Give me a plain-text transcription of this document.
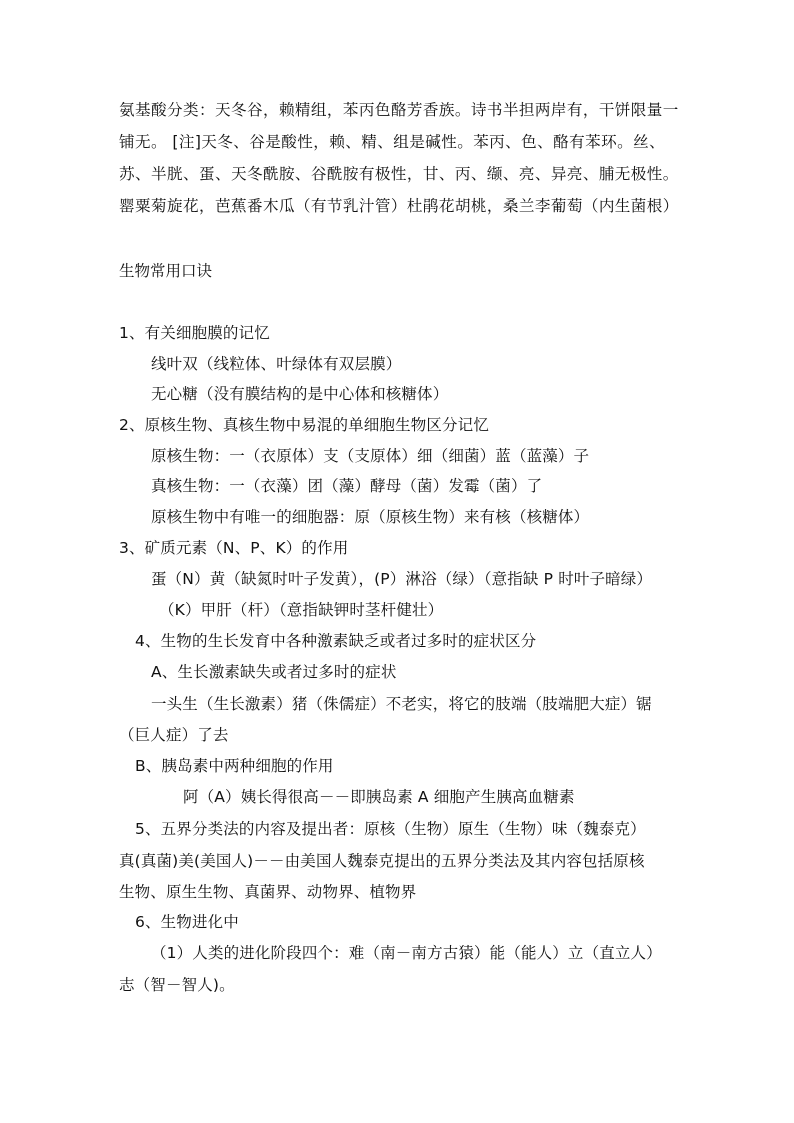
氨基酸分类：天冬谷，赖精组，苯丙色酪芳香族。诗书半担两岸有，干饼限量一
铺无。 [注]天冬、谷是酸性，赖、精、组是碱性。苯丙、色、酪有苯环。丝、
苏、半胱、蛋、天冬酰胺、谷酰胺有极性，甘、丙、缬、亮、异亮、脯无极性。
罂粟菊旋花，芭蕉番木瓜（有节乳汁管）杜鹃花胡桃，桑兰李葡萄（内生菌根）
生物常用口诀
1、有关细胞膜的记忆
线叶双（线粒体、叶绿体有双层膜）
无心糖（没有膜结构的是中心体和核糖体）
2、原核生物、真核生物中易混的单细胞生物区分记忆
原核生物：一（衣原体）支（支原体）细（细菌）蓝（蓝藻）子
真核生物：一（衣藻）团（藻）酵母（菌）发霉（菌）了
原核生物中有唯一的细胞器：原（原核生物）来有核（核糖体）
3、矿质元素（N、P、K）的作用
蛋（N）黄（缺氮时叶子发黄），(P）淋浴（绿）（意指缺 P 时叶子暗绿）
（K）甲肝（杆）（意指缺钾时茎杆健壮）
4、生物的生长发育中各种激素缺乏或者过多时的症状区分
A、生长激素缺失或者过多时的症状
一头生（生长激素）猪（侏儒症）不老实，将它的肢端（肢端肥大症）锯
（巨人症）了去
B、胰岛素中两种细胞的作用
阿（A）姨长得很高－－即胰岛素 A 细胞产生胰高血糖素
5、五界分类法的内容及提出者：原核（生物）原生（生物）味（魏泰克）
真(真菌)美(美国人)－－由美国人魏泰克提出的五界分类法及其内容包括原核
生物、原生生物、真菌界、动物界、植物界
6、生物进化中
（1）人类的进化阶段四个：难（南－南方古猿）能（能人）立（直立人）
志（智－智人)。
